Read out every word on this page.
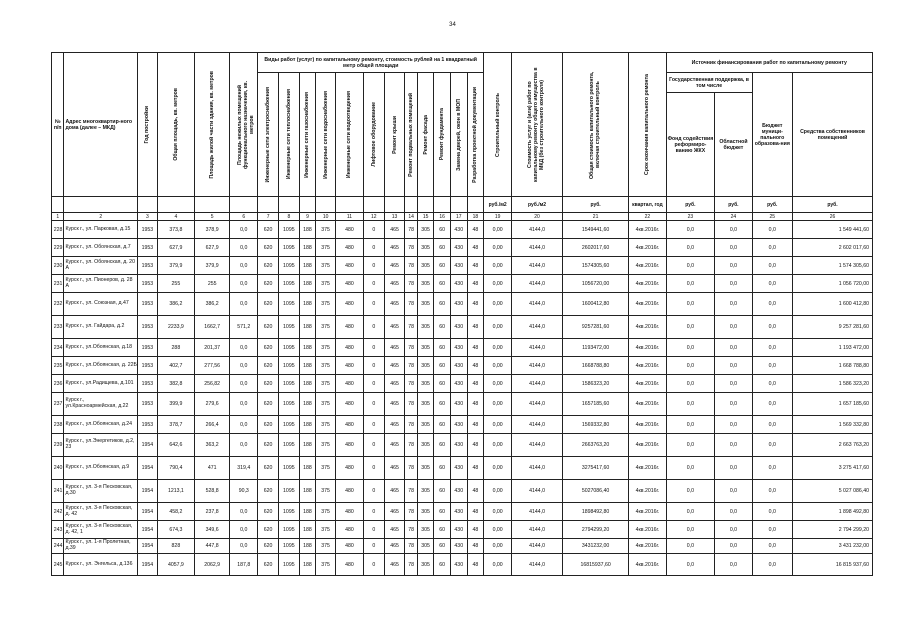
34
№ п/п	Адрес многоквартир-ного дома (далее – МКД)	Год постройки	Общая площадь, кв. метров	Площадь жилой части здания, кв. метров	Площадь нежилых помещений функционального назначения, кв. метров	Виды работ (услуг) по капитальному ремонту, стоимость рублей на 1 квадратный метр общей площади												Строительный контроль	Стоимость услуг и (или) работ по капитальному ремонту общего имущества в МКД (без строительного контроля)	Общая стоимость капитального ремонта, включая строительный контроль	Срок окончания капитального ремонта	Источник финансирования работ по капитальному ремонту			

						Инженерные сети электроснабжения	Инженерные сети теплоснабжения	Инженерные сети газоснабжения	Инженерные сети водоснабжения	Инженерные сети водоотведения	Лифтовое оборудование	Ремонт крыши	Ремонт подвальных помещений	Ремонт фасада	Ремонт фундамента	Замена дверей, окон в МОП	Разработка проектной документации					Государственная поддержка, в том числе		Бюджет муници-пального образова-ния	Средства собственников помещений
																						Фонд содействия реформиро-ванию ЖКХ	Областной бюджет		
																		руб./м2	руб./м2	руб.	квартал, год	руб.	руб.	руб.	руб.
1	2	3	4	5	6	7	8	9	10	11	12	13	14	15	16	17	18	19	20	21	22	23	24	25	26
228	Курск г., ул. Парковая, д.15	1953	373,8	378,9	0,0	620	1095	188	375	480	0	465	78	305	60	430	48	0,00	4144,0	1549441,60	4кв.2016г.	0,0	0,0	0,0	1 549 441,60
229	Курск г., ул. Обоянская, д.7	1953	627,9	627,9	0,0	620	1095	188	375	480	0	465	78	305	60	430	48	0,00	4144,0	2602017,60	4кв.2016г.	0,0	0,0	0,0	2 602 017,60
230	Курск г., ул. Обоянская, д. 20 А	1953	379,9	379,9	0,0	620	1095	188	375	480	0	465	78	305	60	430	48	0,00	4144,0	1574305,60	4кв.2016г.	0,0	0,0	0,0	1 574 305,60
231	Курск г., ул. Пионеров, д. 28 А	1953	255	255	0,0	620	1095	188	375	480	0	465	78	305	60	430	48	0,00	4144,0	1056720,00	4кв.2016г.	0,0	0,0	0,0	1 056 720,00
232	Курск г., ул. Союзная, д.47	1953	386,2	386,2	0,0	620	1095	188	375	480	0	465	78	305	60	430	48	0,00	4144,0	1600412,80	4кв.2016г.	0,0	0,0	0,0	1 600 412,80
233	Курск г., ул. Гайдара, д.2	1953	2233,9	1662,7	571,2	620	1095	188	375	480	0	465	78	305	60	430	48	0,00	4144,0	9257281,60	4кв.2016г.	0,0	0,0	0,0	9 257 281,60
234	Курск г., ул.Обоянская, д.18	1953	288	201,37	0,0	620	1095	188	375	480	0	465	78	305	60	430	48	0,00	4144,0	1193472,00	4кв.2016г.	0,0	0,0	0,0	1 193 472,00
235	Курск г., ул.Обоянская, д. 22Б	1953	402,7	277,56	0,0	620	1095	188	375	480	0	465	78	305	60	430	48	0,00	4144,0	1668788,80	4кв.2016г.	0,0	0,0	0,0	1 668 788,80
236	Курск г., ул.Радищева, д.101	1953	382,8	256,82	0,0	620	1095	188	375	480	0	465	78	305	60	430	48	0,00	4144,0	1586323,20	4кв.2016г.	0,0	0,0	0,0	1 586 323,20
237	Курск г., ул.Красноармейская, д.22	1953	399,9	279,6	0,0	620	1095	188	375	480	0	465	78	305	60	430	48	0,00	4144,0	1657185,60	4кв.2016г.	0,0	0,0	0,0	1 657 185,60
238	Курск г., ул.Обоянская, д.24	1953	378,7	266,4	0,0	620	1095	188	375	480	0	465	78	305	60	430	48	0,00	4144,0	1569332,80	4кв.2016г.	0,0	0,0	0,0	1 569 332,80
239	Курск г., ул.Энергетиков, д.2, 23	1954	642,6	363,2	0,0	620	1095	188	375	480	0	465	78	305	60	430	48	0,00	4144,0	2663763,20	4кв.2016г.	0,0	0,0	0,0	2 663 763,20
240	Курск г., ул.Обоянская, д.9	1954	790,4	471	319,4	620	1095	188	375	480	0	465	78	305	60	430	48	0,00	4144,0	3275417,60	4кв.2016г.	0,0	0,0	0,0	3 275 417,60
241	Курск г., ул. 3-я Песковская, д.30	1954	1213,1	528,8	90,3	620	1095	188	375	480	0	465	78	305	60	430	48	0,00	4144,0	5027086,40	4кв.2016г.	0,0	0,0	0,0	5 027 086,40
242	Курск г., ул. 3-я Песковская, д. 42	1954	458,2	237,8	0,0	620	1095	188	375	480	0	465	78	305	60	430	48	0,00	4144,0	1898492,80	4кв.2016г.	0,0	0,0	0,0	1 898 492,80
243	Курск г., ул. 3-я Песковская, д. 42, 1	1954	674,3	349,6	0,0	620	1095	188	375	480	0	465	78	305	60	430	48	0,00	4144,0	2794299,20	4кв.2016г.	0,0	0,0	0,0	2 794 299,20
244	Курск г., ул. 1-я Пролетная, д.39	1954	828	447,8	0,0	620	1095	188	375	480	0	465	78	305	60	430	48	0,00	4144,0	3431232,00	4кв.2016г.	0,0	0,0	0,0	3 431 232,00
245	Курск г., ул. Энгельса, д.136	1954	4057,9	2062,9	187,8	620	1095	188	375	480	0	465	78	305	60	430	48	0,00	4144,0	16815937,60	4кв.2016г.	0,0	0,0	0,0	16 815 937,60
